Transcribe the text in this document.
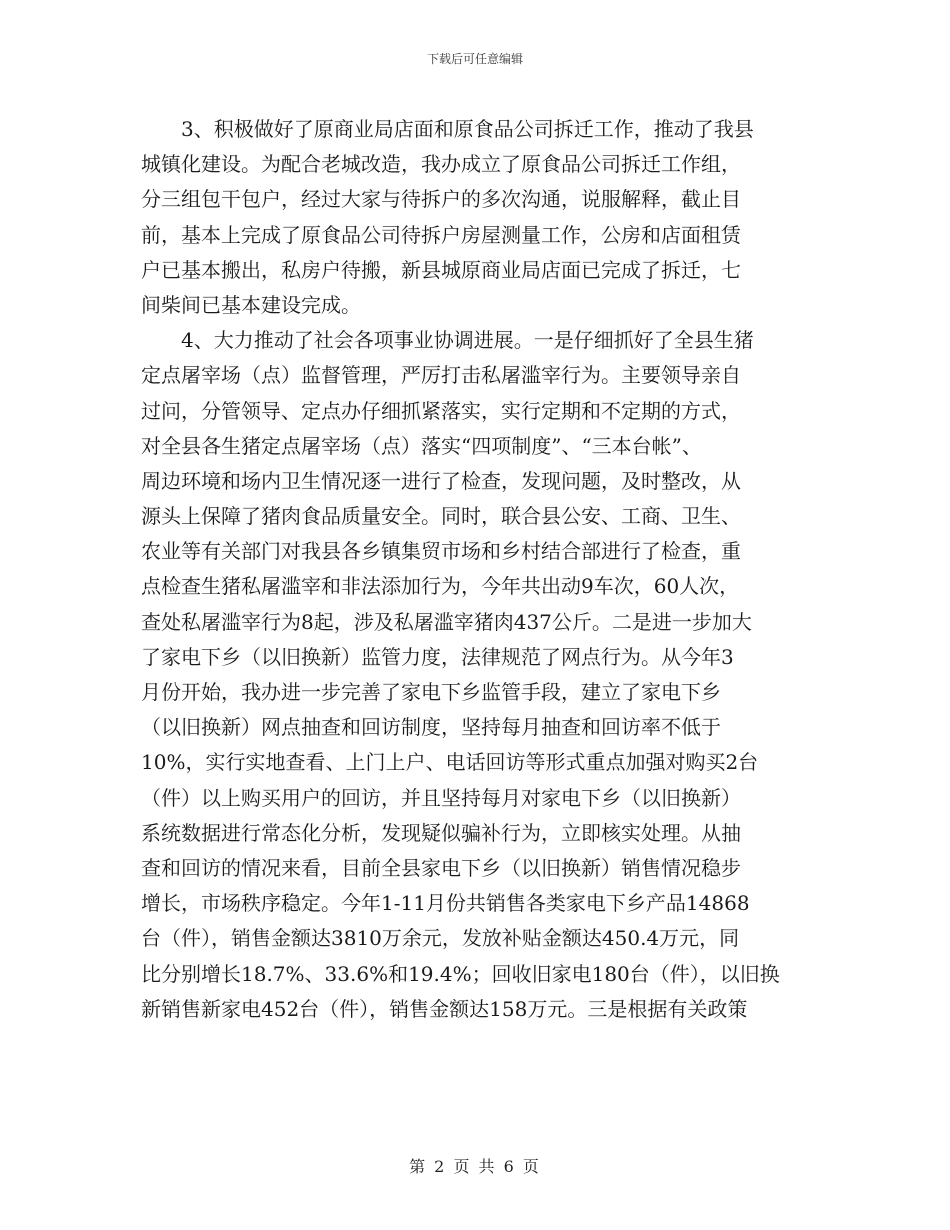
下载后可任意编辑
　　3、积极做好了原商业局店面和原食品公司拆迁工作，推动了我县
城镇化建设。为配合老城改造，我办成立了原食品公司拆迁工作组，
分三组包干包户，经过大家与待拆户的多次沟通，说服解释，截止目
前，基本上完成了原食品公司待拆户房屋测量工作，公房和店面租赁
户已基本搬出，私房户待搬，新县城原商业局店面已完成了拆迁，七
间柴间已基本建设完成。
　　4、大力推动了社会各项事业协调进展。一是仔细抓好了全县生猪
定点屠宰场（点）监督管理，严厉打击私屠滥宰行为。主要领导亲自
过问，分管领导、定点办仔细抓紧落实，实行定期和不定期的方式，
对全县各生猪定点屠宰场（点）落实“四项制度”、“三本台帐”、
周边环境和场内卫生情况逐一进行了检查，发现问题，及时整改，从
源头上保障了猪肉食品质量安全。同时，联合县公安、工商、卫生、
农业等有关部门对我县各乡镇集贸市场和乡村结合部进行了检查，重
点检查生猪私屠滥宰和非法添加行为，今年共出动9车次，60人次，
查处私屠滥宰行为8起，涉及私屠滥宰猪肉437公斤。二是进一步加大
了家电下乡（以旧换新）监管力度，法律规范了网点行为。从今年3
月份开始，我办进一步完善了家电下乡监管手段，建立了家电下乡
（以旧换新）网点抽查和回访制度，坚持每月抽查和回访率不低于
10%，实行实地查看、上门上户、电话回访等形式重点加强对购买2台
（件）以上购买用户的回访，并且坚持每月对家电下乡（以旧换新）
系统数据进行常态化分析，发现疑似骗补行为，立即核实处理。从抽
查和回访的情况来看，目前全县家电下乡（以旧换新）销售情况稳步
增长，市场秩序稳定。今年1-11月份共销售各类家电下乡产品14868
台（件），销售金额达3810万余元，发放补贴金额达450.4万元，同
比分别增长18.7%、33.6%和19.4%；回收旧家电180台（件），以旧换
新销售新家电452台（件），销售金额达158万元。三是根据有关政策
第 2 页 共 6 页
